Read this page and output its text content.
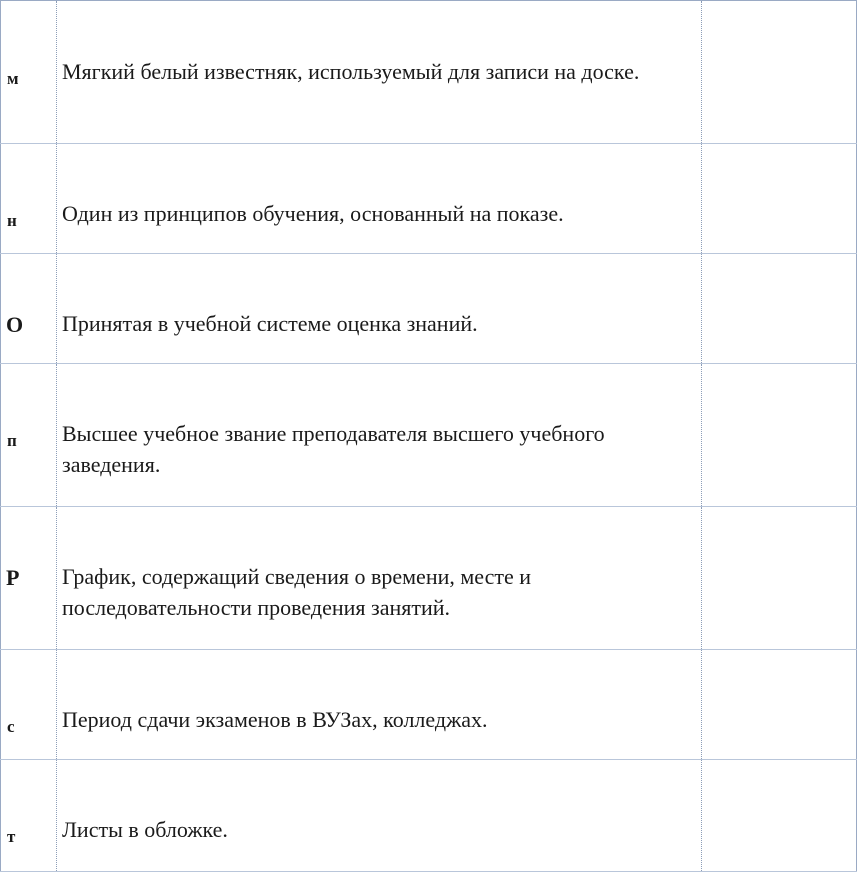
м	Мягкий белый известняк, используемый для записи на доске.	

н	Один из принципов обучения, основанный на показе.	

О	Принятая в учебной системе оценка знаний.	

п	Высшее учебное звание преподавателя высшего учебного заведения.	

Р	График, содержащий сведения о времени, месте и последовательности проведения занятий.	

с	Период сдачи экзаменов в ВУЗах, колледжах.	

т	Листы в обложке.	
